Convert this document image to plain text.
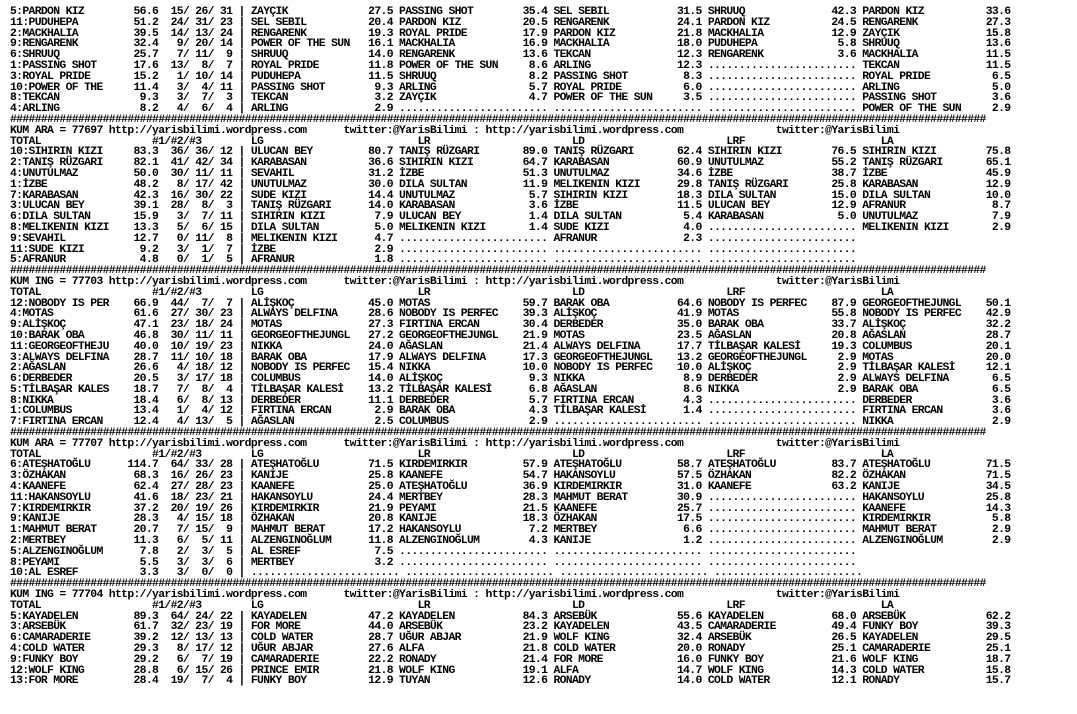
5:PARDON KIZ        56.6  15/ 26/ 31 | ZAYÇIK             27.5 PASSING SHOT        35.4 SEL SEBIL           31.5 SHRUUQ              42.3 PARDON KIZ          33.6
11:PUDUHEPA         51.2  24/ 31/ 23 | SEL SEBIL          20.4 PARDON KIZ          20.5 RENGARENK           24.1 PARDON KIZ          24.5 RENGARENK           27.3
2:MACKHALIA         39.5  14/ 13/ 24 | RENGARENK          19.3 ROYAL PRIDE         17.9 PARDON KIZ          21.8 MACKHALIA           12.9 ZAYÇIK              15.8
9:RENGARENK         32.4   9/ 20/ 14 | POWER OF THE SUN   16.1 MACKHALIA           16.9 MACKHALIA           18.0 PUDUHEPA             5.8 SHRUUQ              13.6
6:SHRUUQ            25.7   7/ 11/  9 | SHRUUQ             14.0 RENGARENK           13.6 TEKCAN              12.3 RENGARENK            3.6 MACKHALIA           11.5
1:PASSING SHOT      17.6  13/  8/  7 | ROYAL PRIDE        11.8 POWER OF THE SUN     8.6 ARLING              12.3 ........................ TEKCAN              11.5
3:ROYAL PRIDE       15.2   1/ 10/ 14 | PUDUHEPA           11.5 SHRUUQ               8.2 PASSING SHOT         8.3 ........................ ROYAL PRIDE          6.5
10:POWER OF THE     11.4   3/  4/ 11 | PASSING SHOT        9.3 ARLING               5.7 ROYAL PRIDE          6.0 ........................ ARLING               5.0
8:TEKCAN             9.3   3/  7/  3 | TEKCAN              3.2 ZAYÇIK               4.7 POWER OF THE SUN     3.5 ........................ PASSING SHOT         3.6
4:ARLING             8.2   4/  6/  4 | ARLING              2.9 ........................ ........................ ........................ POWER OF THE SUN     2.9
##############################################################################################################################################################
KUM ARA = 77697 http://yarisbilimi.wordpress.com      twitter:@YarisBilimi : http://yarisbilimi.wordpress.com               twitter:@YarisBilimi
TOTAL                  #1/#2/#3        LG                         LR                       LD                       LRF                      LA
10:SIHIRIN KIZI     83.3  36/ 36/ 12 | ULUCAN BEY         80.7 TANIŞ RÜZGARI       89.0 TANIŞ RÜZGARI       62.4 SIHIRIN KIZI        76.5 SIHIRIN KIZI        75.8
2:TANIŞ RÜZGARI     82.1  41/ 42/ 34 | KARABASAN          36.6 SIHIRIN KIZI        64.7 KARABASAN           60.9 UNUTULMAZ           55.2 TANIŞ RÜZGARI       65.1
4:UNUTULMAZ         50.0  30/ 11/ 11 | SEVAHIL            31.2 İZBE                51.3 UNUTULMAZ           34.6 İZBE                38.7 İZBE                45.9
1:İZBE              48.2   8/ 17/ 42 | UNUTULMAZ          30.0 DILA SULTAN         11.9 MELIKENIN KIZI      29.8 TANIŞ RÜZGARI       25.8 KARABASAN           12.9
7:KARABASAN         42.3  16/ 30/ 22 | SUDE KIZI          14.4 UNUTULMAZ            5.7 SIHIRIN KIZI        18.3 DILA SULTAN         15.0 DILA SULTAN         10.0
3:ULUCAN BEY        39.1  28/  8/  3 | TANIŞ RÜZGARI      14.0 KARABASAN            3.6 İZBE                11.5 ULUCAN BEY          12.9 AFRANUR              8.7
6:DILA SULTAN       15.9   3/  7/ 11 | SIHIRIN KIZI        7.9 ULUCAN BEY           1.4 DILA SULTAN          5.4 KARABASAN            5.0 UNUTULMAZ            7.9
8:MELIKENIN KIZI    13.3   5/  6/ 15 | DILA SULTAN         5.0 MELIKENIN KIZI       1.4 SUDE KIZI            4.0 ........................ MELIKENIN KIZI       2.9
9:SEVAHIL           12.7   0/ 11/  8 | MELIKENIN KIZI      4.7 ........................ AFRANUR              2.3 ........................
11:SUDE KIZI         9.2   3/  1/  7 | İZBE                2.9 ........................ ........................ ........................
5:AFRANUR            4.8   0/  1/  5 | AFRANUR             1.8 ........................ ........................ ........................
##############################################################################################################################################################
KUM ING = 77703 http://yarisbilimi.wordpress.com      twitter:@YarisBilimi : http://yarisbilimi.wordpress.com               twitter:@YarisBilimi
TOTAL                  #1/#2/#3        LG                         LR                       LD                       LRF                      LA
12:NOBODY IS PER    66.9  44/  7/  7 | ALİŞKOÇ            45.0 MOTAS               59.7 BARAK OBA           64.6 NOBODY IS PERFEC    87.9 GEORGEOFTHEJUNGL    50.1
4:MOTAS             61.6  27/ 30/ 23 | ALWAYS DELFINA     28.6 NOBODY IS PERFEC    39.3 ALİŞKOÇ             41.9 MOTAS               55.8 NOBODY IS PERFEC    42.9
9:ALİŞKOÇ           47.1  23/ 18/ 24 | MOTAS              27.3 FIRTINA ERCAN       30.4 DERBEDER            35.0 BARAK OBA           33.7 ALİŞKOÇ             32.2
10:BARAK OBA        46.8  30/ 11/ 11 | GEORGEOFTHEJUNGL   27.2 GEORGEOFTHEJUNGL    21.9 MOTAS               23.5 AĞASLAN             20.8 AĞASLAN             28.7
11:GEORGEOFTHEJU    40.0  10/ 19/ 23 | NIKKA              24.0 AĞASLAN             21.4 ALWAYS DELFINA      17.7 TİLBAŞAR KALESİ     19.3 COLUMBUS            20.1
3:ALWAYS DELFINA    28.7  11/ 10/ 18 | BARAK OBA          17.9 ALWAYS DELFINA      17.3 GEORGEOFTHEJUNGL    13.2 GEORGEOFTHEJUNGL     2.9 MOTAS               20.0
2:AĞASLAN           26.6   4/ 18/ 12 | NOBODY IS PERFEC   15.4 NIKKA               10.0 NOBODY IS PERFEC    10.0 ALİŞKOÇ              2.9 TİLBAŞAR KALESİ     12.1
6:DERBEDER          20.5   3/ 17/ 18 | COLUMBUS           14.0 ALİŞKOÇ              9.3 NIKKA                8.9 DERBEDER             2.9 ALWAYS DELFINA       6.5
5:TİLBAŞAR KALES    18.7   7/  8/  4 | TİLBAŞAR KALESİ    13.2 TİLBAŞAR KALESİ      6.8 AĞASLAN              8.6 NIKKA                2.9 BARAK OBA            6.5
8:NIKKA             18.4   6/  8/ 13 | DERBEDER           11.1 DERBEDER             5.7 FIRTINA ERCAN        4.3 ........................ DERBEDER             3.6
1:COLUMBUS          13.4   1/  4/ 12 | FIRTINA ERCAN       2.9 BARAK OBA            4.3 TİLBAŞAR KALESİ      1.4 ........................ FIRTINA ERCAN        3.6
7:FIRTINA ERCAN     12.4   4/ 13/  5 | AĞASLAN             2.5 COLUMBUS             2.9 ........................ ........................ NIKKA                2.9
##############################################################################################################################################################
KUM ARA = 77707 http://yarisbilimi.wordpress.com      twitter:@YarisBilimi : http://yarisbilimi.wordpress.com               twitter:@YarisBilimi
TOTAL                  #1/#2/#3        LG                         LR                       LD                       LRF                      LA
6:ATEŞHATOĞLU      114.7  64/ 33/ 28 | ATEŞHATOĞLU        71.5 KIRDEMIRKIR         57.9 ATEŞHATOĞLU         58.7 ATEŞHATOĞLU         83.7 ATEŞHATOĞLU         71.5
3:ÖZHAKAN           68.3  16/ 26/ 23 | KANIJE             25.8 KAANEFE             54.7 HAKANSOYLU          57.5 ÖZHAKAN             82.2 ÖZHAKAN             71.5
4:KAANEFE           62.4  27/ 28/ 23 | KAANEFE            25.0 ATEŞHATOĞLU         36.9 KIRDEMIRKIR         31.0 KAANEFE             63.2 KANIJE              34.5
11:HAKANSOYLU       41.6  18/ 23/ 21 | HAKANSOYLU         24.4 MERTBEY             28.3 MAHMUT BERAT        30.9 ........................ HAKANSOYLU          25.8
7:KIRDEMIRKIR       37.2  20/ 19/ 26 | KIRDEMIRKIR        21.9 PEYAMI              21.5 KAANEFE             25.7 ........................ KAANEFE             14.3
9:KANIJE            28.3   4/ 15/ 18 | ÖZHAKAN            20.8 KANIJE              18.3 ÖZHAKAN             17.5 ........................ KIRDEMIRKIR          5.8
1:MAHMUT BERAT      20.7   7/ 15/  9 | MAHMUT BERAT       17.2 HAKANSOYLU           7.2 MERTBEY              6.6 ........................ MAHMUT BERAT         2.9
2:MERTBEY           11.3   6/  5/ 11 | ALZENGINOĞLUM      11.8 ALZENGINOĞLUM        4.3 KANIJE               1.2 ........................ ALZENGINOĞLUM        2.9
5:ALZENGINOĞLUM      7.8   2/  3/  5 | AL ESREF            7.5 ........................ ........................ ........................
8:PEYAMI             5.5   3/  3/  6 | MERTBEY             3.2 ........................ ........................ ........................
10:AL ESREF          3.3   3/  0/  0 | ........................ ........................ ........................ ........................
##############################################################################################################################################################
KUM ING = 77704 http://yarisbilimi.wordpress.com      twitter:@YarisBilimi : http://yarisbilimi.wordpress.com               twitter:@YarisBilimi
TOTAL                  #1/#2/#3        LG                         LR                       LD                       LRF                      LA
5:KAYADELEN         89.3  64/ 24/ 22 | KAYADELEN          47.2 KAYADELEN           84.3 ARSEBÜK             55.6 KAYADELEN           68.0 ARSEBÜK             62.2
3:ARSEBÜK           61.7  32/ 23/ 19 | FOR MORE           44.0 ARSEBÜK             23.2 KAYADELEN           43.5 CAMARADERIE         49.4 FUNKY BOY           39.3
6:CAMARADERIE       39.2  12/ 13/ 13 | COLD WATER         28.7 UĞUR ABJAR          21.9 WOLF KING           32.4 ARSEBÜK             26.5 KAYADELEN           29.5
4:COLD WATER        29.3   8/ 17/ 12 | UĞUR ABJAR         27.6 ALFA                21.8 COLD WATER          20.0 RONADY              25.1 CAMARADERIE         25.1
9:FUNKY BOY         29.2   6/  7/ 19 | CAMARADERIE        22.2 RONADY              21.4 FOR MORE            16.0 FUNKY BOY           21.6 WOLF KING           18.7
12:WOLF KING        28.8   6/ 15/ 26 | PRINCE EMIR        21.8 WOLF KING           19.1 ALFA                14.7 WOLF KING           14.3 COLD WATER          15.8
13:FOR MORE         28.4  19/  7/  4 | FUNKY BOY          12.9 TUYAN               12.6 RONADY              14.0 COLD WATER          12.1 RONADY              15.7
